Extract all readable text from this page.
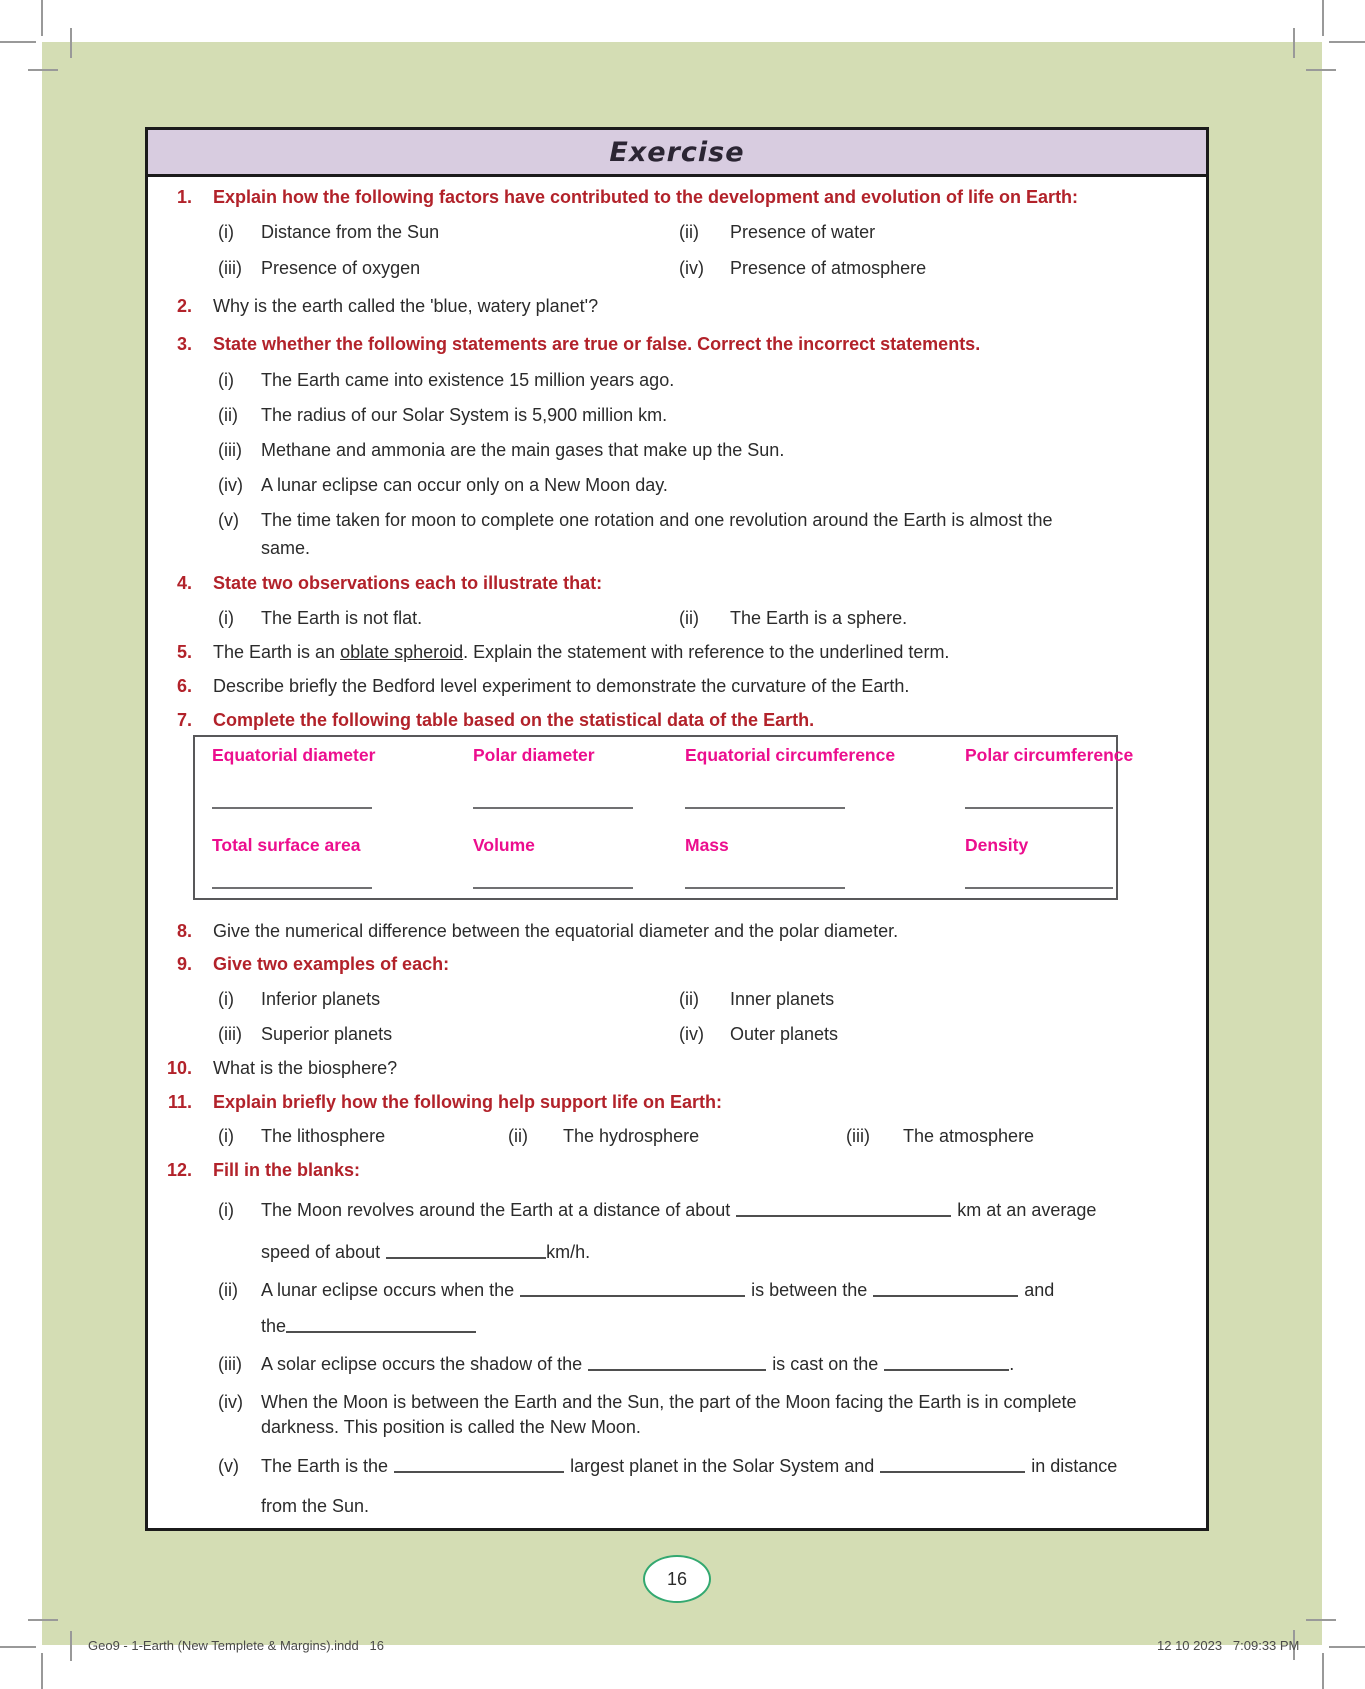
Exercise
1. Explain how the following factors have contributed to the development and evolution of life on Earth:
(i) Distance from the Sun	(ii) Presence of water
(iii) Presence of oxygen	(iv) Presence of atmosphere
2. Why is the earth called the 'blue, watery planet'?
3. State whether the following statements are true or false. Correct the incorrect statements.
(i) The Earth came into existence 15 million years ago.
(ii) The radius of our Solar System is 5,900 million km.
(iii) Methane and ammonia are the main gases that make up the Sun.
(iv) A lunar eclipse can occur only on a New Moon day.
(v) The time taken for moon to complete one rotation and one revolution around the Earth is almost the
same.
4. State two observations each to illustrate that:
(i) The Earth is not flat.	(ii) The Earth is a sphere.
5. The Earth is an oblate spheroid. Explain the statement with reference to the underlined term.
6. Describe briefly the Bedford level experiment to demonstrate the curvature of the Earth.
7. Complete the following table based on the statistical data of the Earth.
Equatorial diameter	Polar diameter	Equatorial circumference	Polar circumference
Total surface area	Volume	Mass	Density
8. Give the numerical difference between the equatorial diameter and the polar diameter.
9. Give two examples of each:
(i) Inferior planets	(ii) Inner planets
(iii) Superior planets	(iv) Outer planets
10. What is the biosphere?
11. Explain briefly how the following help support life on Earth:
(i) The lithosphere	(ii) The hydrosphere	(iii) The atmosphere
12. Fill in the blanks:
(i) The Moon revolves around the Earth at a distance of about	km at an average
speed of about	km/h.
(ii) A lunar eclipse occurs when the	is between the	and
the
(iii) A solar eclipse occurs the shadow of the	is cast on the	.
(iv) When the Moon is between the Earth and the Sun, the part of the Moon facing the Earth is in complete
darkness. This position is called the New Moon.
(v) The Earth is the	largest planet in the Solar System and	in distance
from the Sun.
16
Geo9 - 1-Earth (New Templete & Margins).indd   16	12 10 2023   7:09:33 PM
